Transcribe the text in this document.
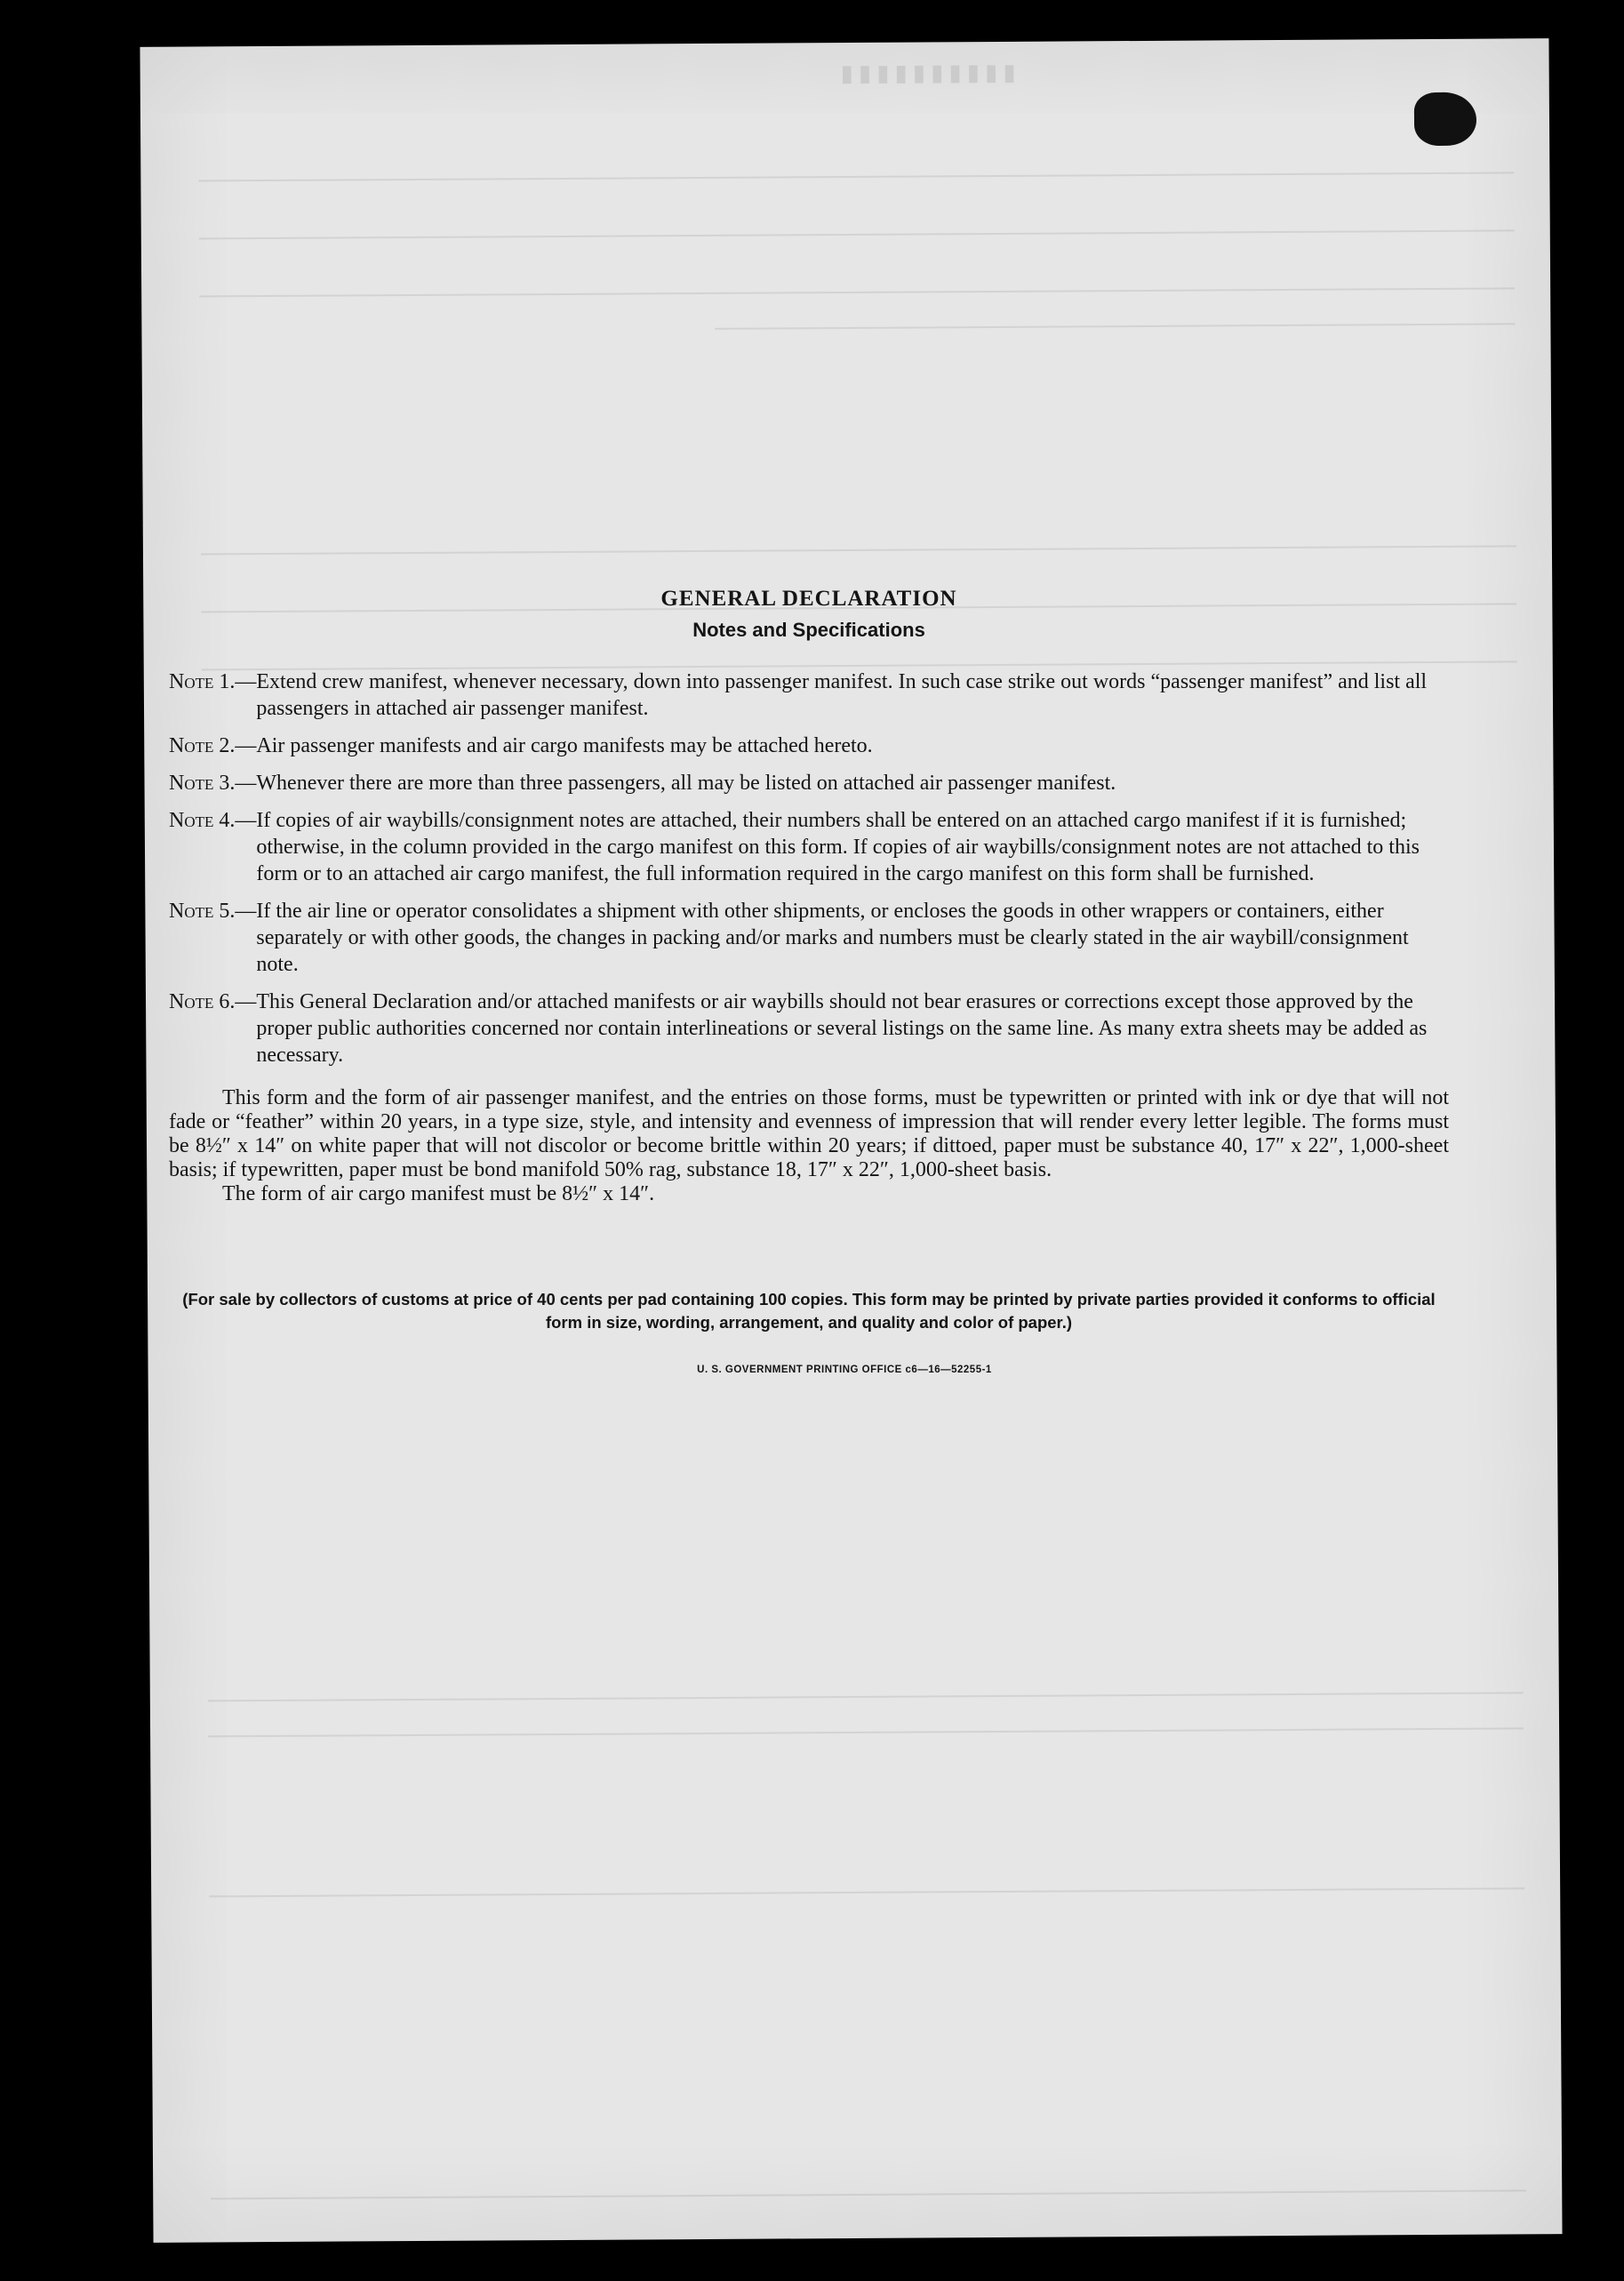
▮▮▮▮▮▮▮▮▮▮
GENERAL DECLARATION
Notes and Specifications
Note 1.— Extend crew manifest, whenever necessary, down into passenger manifest. In such case strike out words “passenger manifest” and list all passengers in attached air passenger manifest.
Note 2.— Air passenger manifests and air cargo manifests may be attached hereto.
Note 3.— Whenever there are more than three passengers, all may be listed on attached air passenger manifest.
Note 4.— If copies of air waybills/consignment notes are attached, their numbers shall be entered on an attached cargo manifest if it is furnished; otherwise, in the column provided in the cargo manifest on this form. If copies of air waybills/consignment notes are not attached to this form or to an attached air cargo manifest, the full information required in the cargo manifest on this form shall be furnished.
Note 5.— If the air line or operator consolidates a shipment with other shipments, or encloses the goods in other wrappers or containers, either separately or with other goods, the changes in packing and/or marks and numbers must be clearly stated in the air waybill/consignment note.
Note 6.— This General Declaration and/or attached manifests or air waybills should not bear erasures or corrections except those approved by the proper public authorities concerned nor contain interlineations or several listings on the same line. As many extra sheets may be added as necessary.

This form and the form of air passenger manifest, and the entries on those forms, must be typewritten or printed with ink or dye that will not fade or “feather” within 20 years, in a type size, style, and intensity and evenness of impression that will render every letter legible. The forms must be 8½″ x 14″ on white paper that will not discolor or become brittle within 20 years; if dittoed, paper must be substance 40, 17″ x 22″, 1,000-sheet basis; if typewritten, paper must be bond manifold 50% rag, substance 18, 17″ x 22″, 1,000-sheet basis.

The form of air cargo manifest must be 8½″ x 14″.

(For sale by collectors of customs at price of 40 cents per pad containing 100 copies. This form may be printed by private parties provided it conforms to official form in size, wording, arrangement, and quality and color of paper.)
U. S. GOVERNMENT PRINTING OFFICE c6—16—52255-1
